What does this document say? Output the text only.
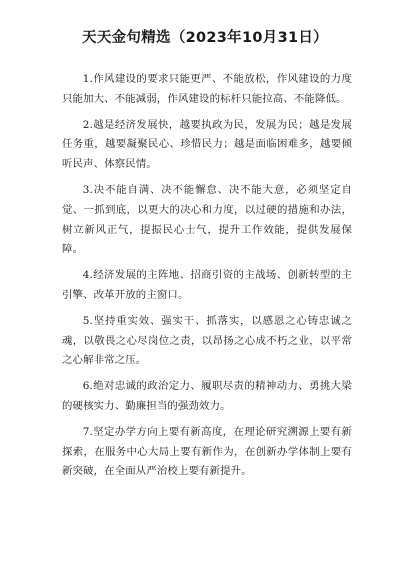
天天金句精选（2023年10月31日）

1.作风建设的要求只能更严、不能放松，作风建设的力度只能加大、不能减弱，作风建设的标杆只能拉高、不能降低。

2.越是经济发展快，越要执政为民，发展为民；越是发展任务重，越要凝聚民心、珍惜民力；越是面临困难多，越要倾听民声、体察民情。

3.决不能自满、决不能懈怠、决不能大意，必须坚定自觉、一抓到底，以更大的决心和力度，以过硬的措施和办法，树立新风正气，提振民心士气，提升工作效能，提供发展保障。

4.经济发展的主阵地、招商引资的主战场、创新转型的主引擎、改革开放的主窗口。

5.坚持重实效、强实干、抓落实，以感恩之心铸忠诚之魂，以敬畏之心尽岗位之责，以昂扬之心成不朽之业，以平常之心解非常之压。

6.绝对忠诚的政治定力、履职尽责的精神动力、勇挑大梁的硬核实力、勤廉担当的强劲效力。

7.坚定办学方向上要有新高度，在理论研究溯源上要有新探索，在服务中心大局上要有新作为，在创新办学体制上要有新突破，在全面从严治校上要有新提升。
